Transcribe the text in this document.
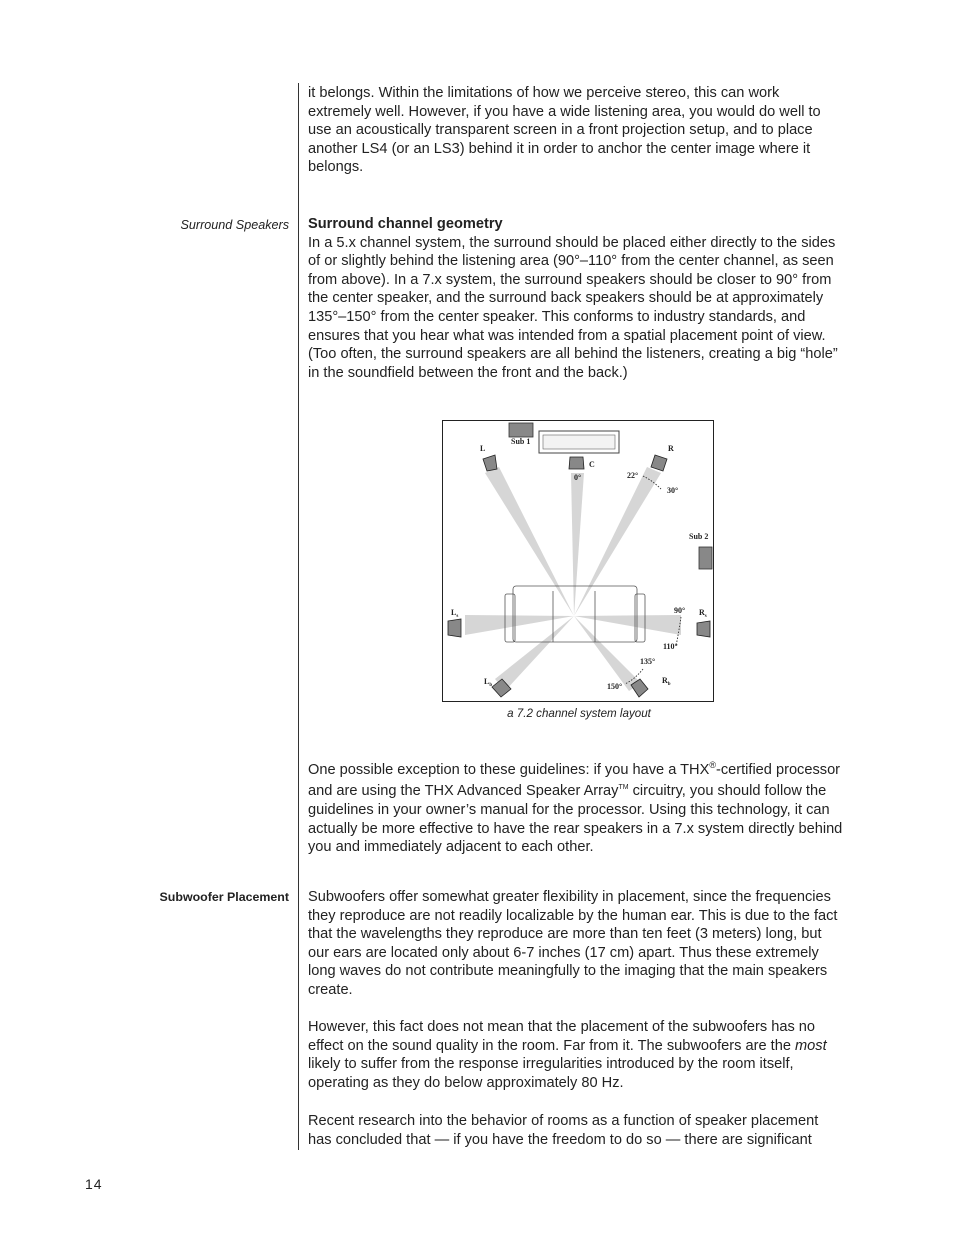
it belongs. Within the limitations of how we perceive stereo, this can work extremely well. However, if you have a wide listening area, you would do well to use an acoustically transparent screen in a front projection setup, and to place another LS4 (or an LS3) behind it in order to anchor the center image where it belongs.

Surround Speakers Surround channel geometry
In a 5.x channel system, the surround should be placed either directly to the sides of or slightly behind the listening area (90°–110° from the center channel, as seen from above). In a 7.x system, the surround speakers should be closer to 90° from the center speaker, and the surround back speakers should be at approximately 135°–150° from the center speaker. This conforms to industry standards, and ensures that you hear what was intended from a spatial placement point of view. (Too often, the surround speakers are all behind the listeners, creating a big “hole” in the soundfield between the front and the back.)
Sub 1
Sub 2
L
C
R
0°	22°
30°
$L_s$	$R_s$
90°
110°
135°
$L_b$
$R_b$
150°
a 7.2 channel system layout

One possible exception to these guidelines: if you have a THX®-certified processor and are using the THX Advanced Speaker Array™ circuitry, you should follow the guidelines in your owner’s manual for the processor. Using this technology, it can actually be more effective to have the rear speakers in a 7.x system directly behind you and immediately adjacent to each other.

Subwoofer Placement Subwoofers offer somewhat greater flexibility in placement, since the frequencies they reproduce are not readily localizable by the human ear. This is due to the fact that the wavelengths they reproduce are more than ten feet (3 meters) long, but our ears are located only about 6-7 inches (17 cm) apart. Thus these extremely long waves do not contribute meaningfully to the imaging that the main speakers create.

However, this fact does not mean that the placement of the subwoofers has no effect on the sound quality in the room. Far from it. The subwoofers are the most likely to suffer from the response irregularities introduced by the room itself, operating as they do below approximately 80 Hz.

Recent research into the behavior of rooms as a function of speaker placement has concluded that — if you have the freedom to do so — there are significant

14
